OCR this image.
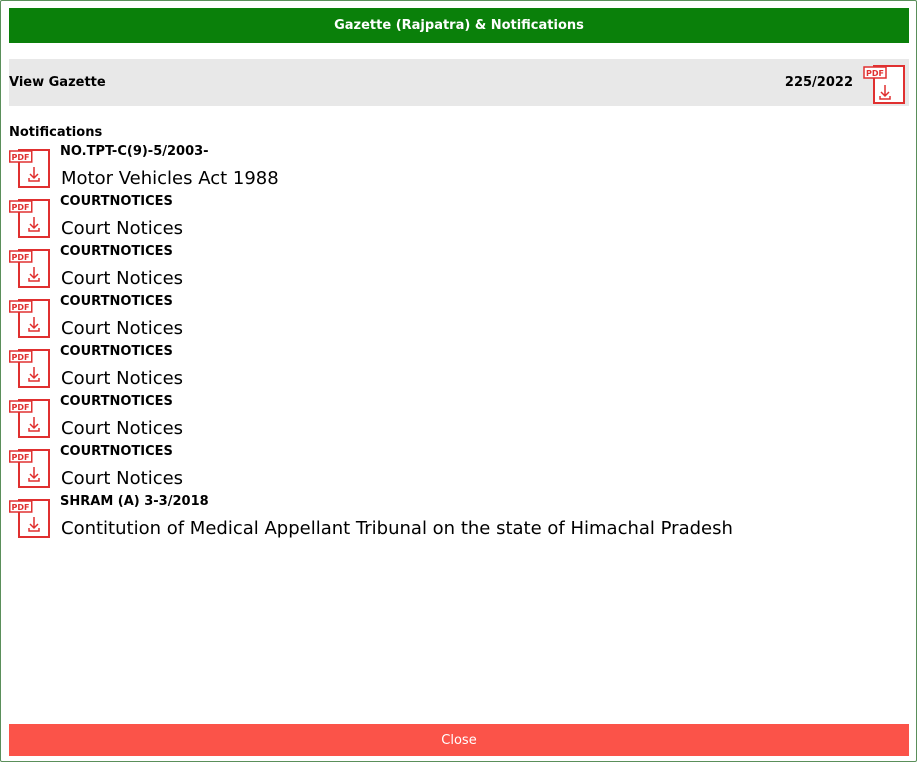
Gazette (Rajpatra) & Notifications
View Gazette	225/2022
PDF
Notifications
PDF NO.TPT-C(9)-5/2003-
Motor Vehicles Act 1988
PDF COURTNOTICES
Court Notices
PDF COURTNOTICES
Court Notices
PDF COURTNOTICES
Court Notices
PDF COURTNOTICES
Court Notices
PDF COURTNOTICES
Court Notices
PDF COURTNOTICES
Court Notices
PDF SHRAM (A) 3-3/2018
Contitution of Medical Appellant Tribunal on the state of Himachal Pradesh
Close
